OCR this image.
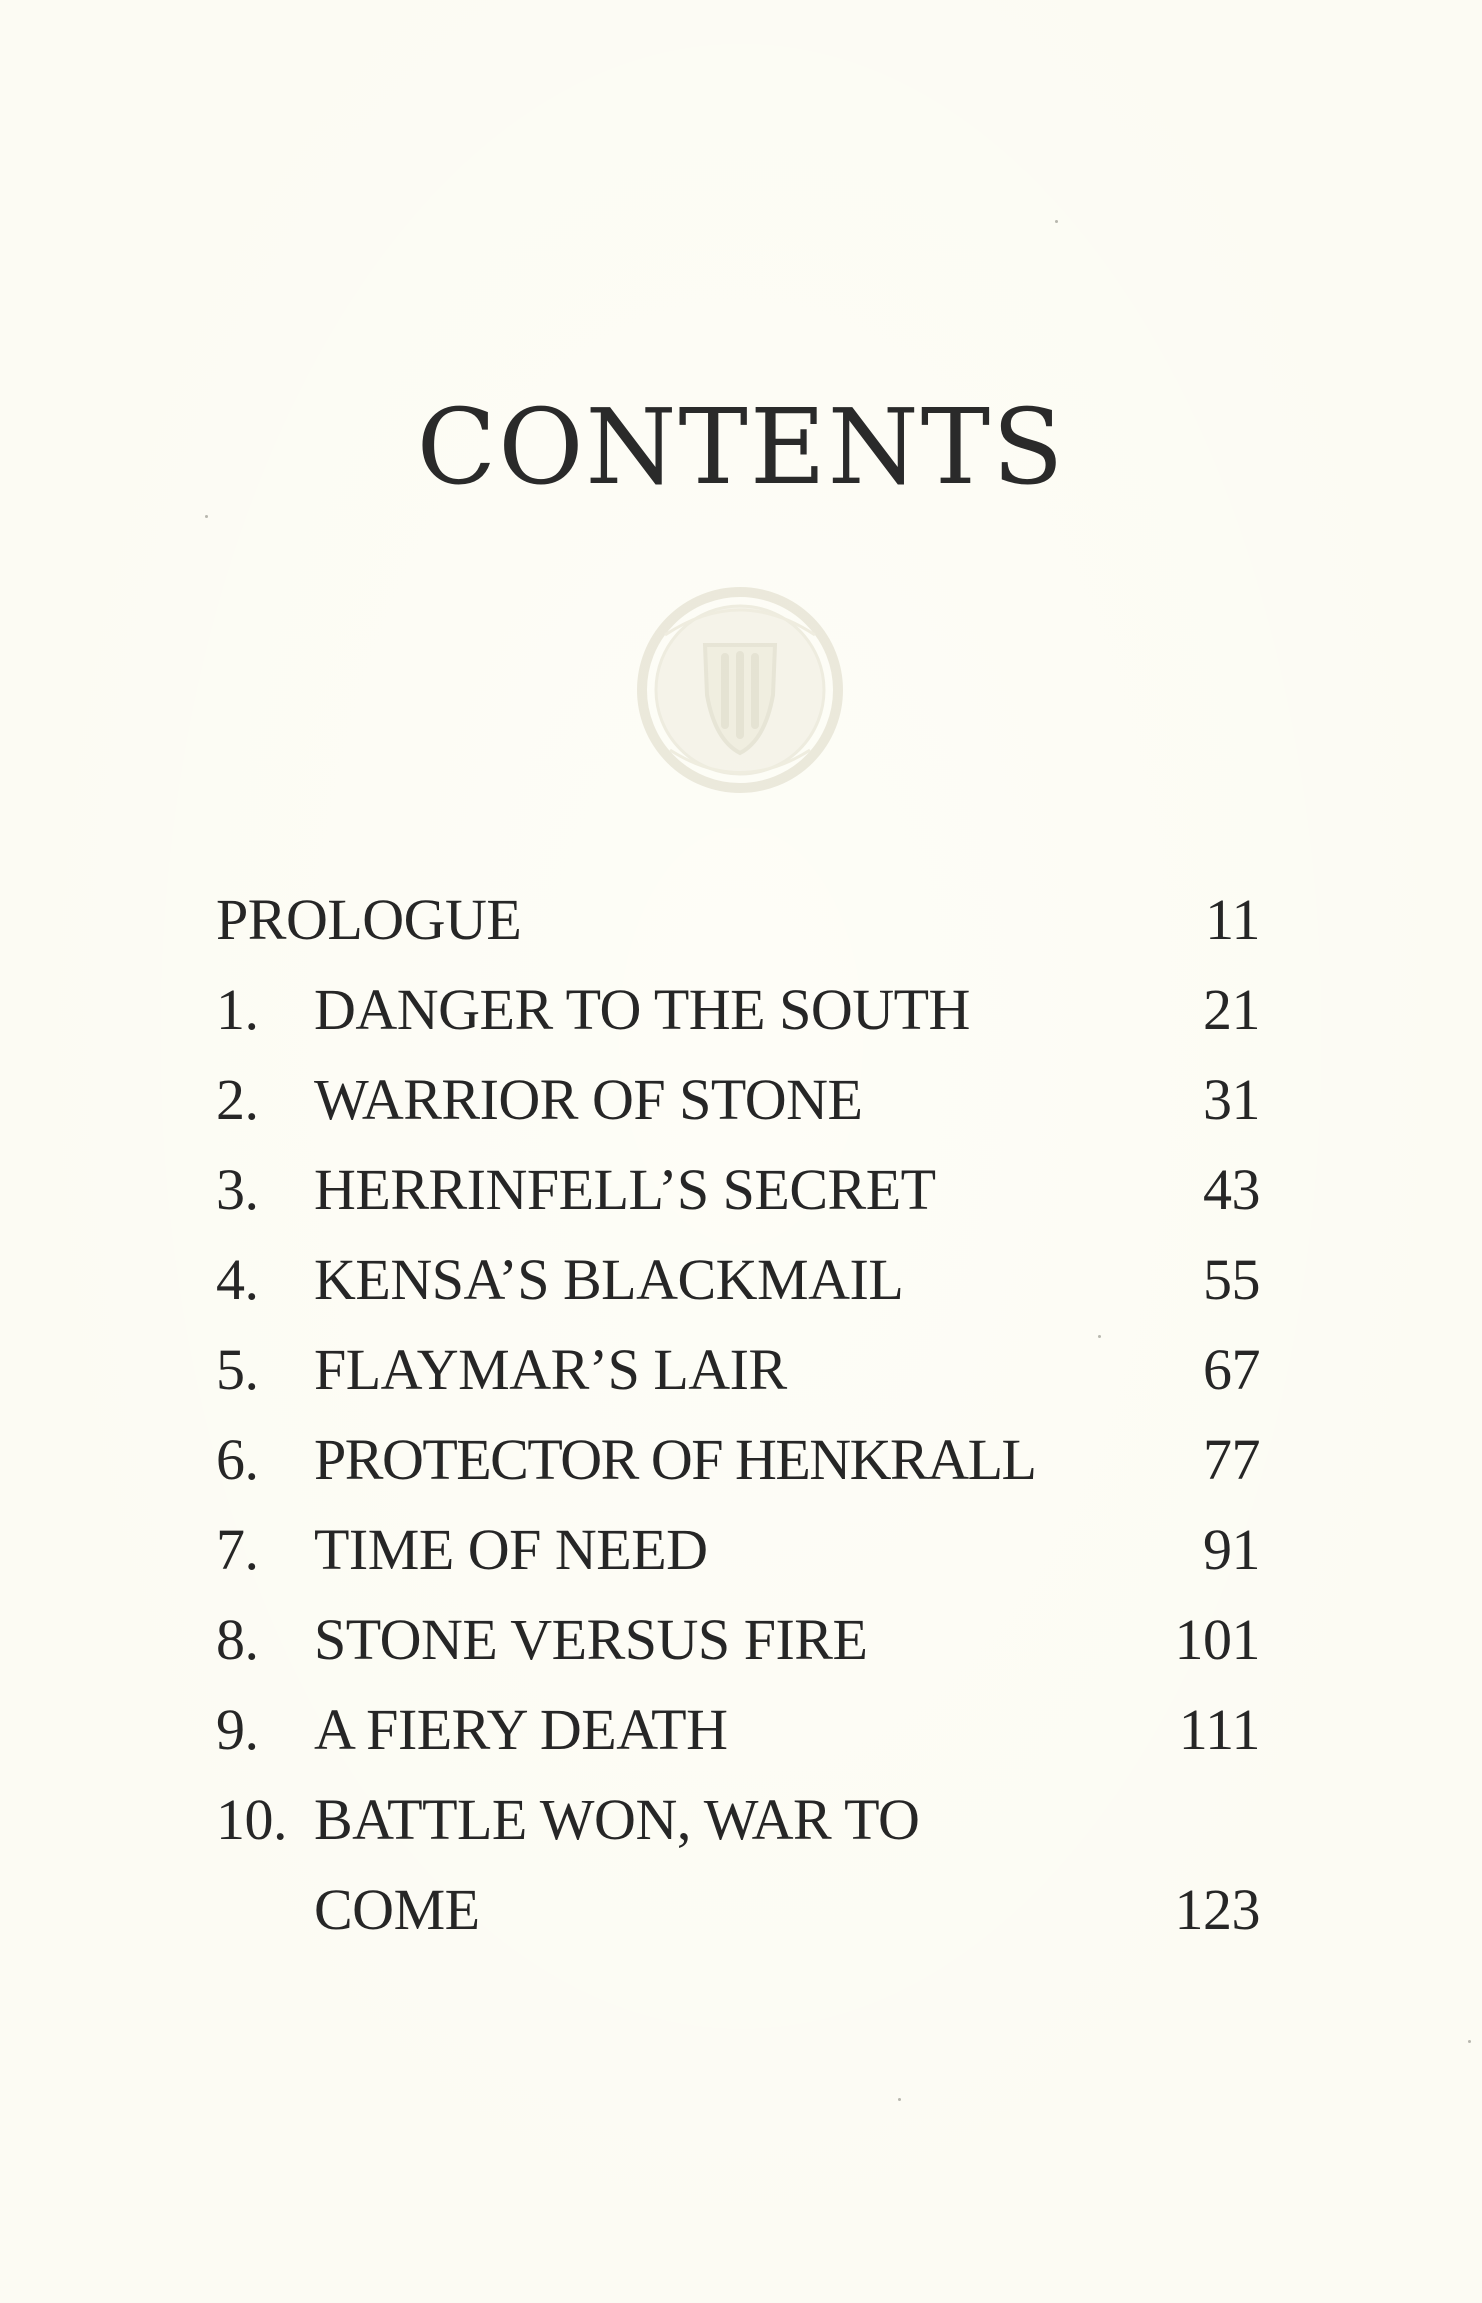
CONTENTS
PROLOGUE	11
1. DANGER TO THE SOUTH	21
2. WARRIOR OF STONE	31
3. HERRINFELL’S SECRET	43
4. KENSA’S BLACKMAIL	55
5. FLAYMAR’S LAIR	67
6. PROTECTOR OF HENKRALL	77
7. TIME OF NEED	91
8. STONE VERSUS FIRE	101
9. A FIERY DEATH	111
10. BATTLE WON, WAR TO
COME	123
